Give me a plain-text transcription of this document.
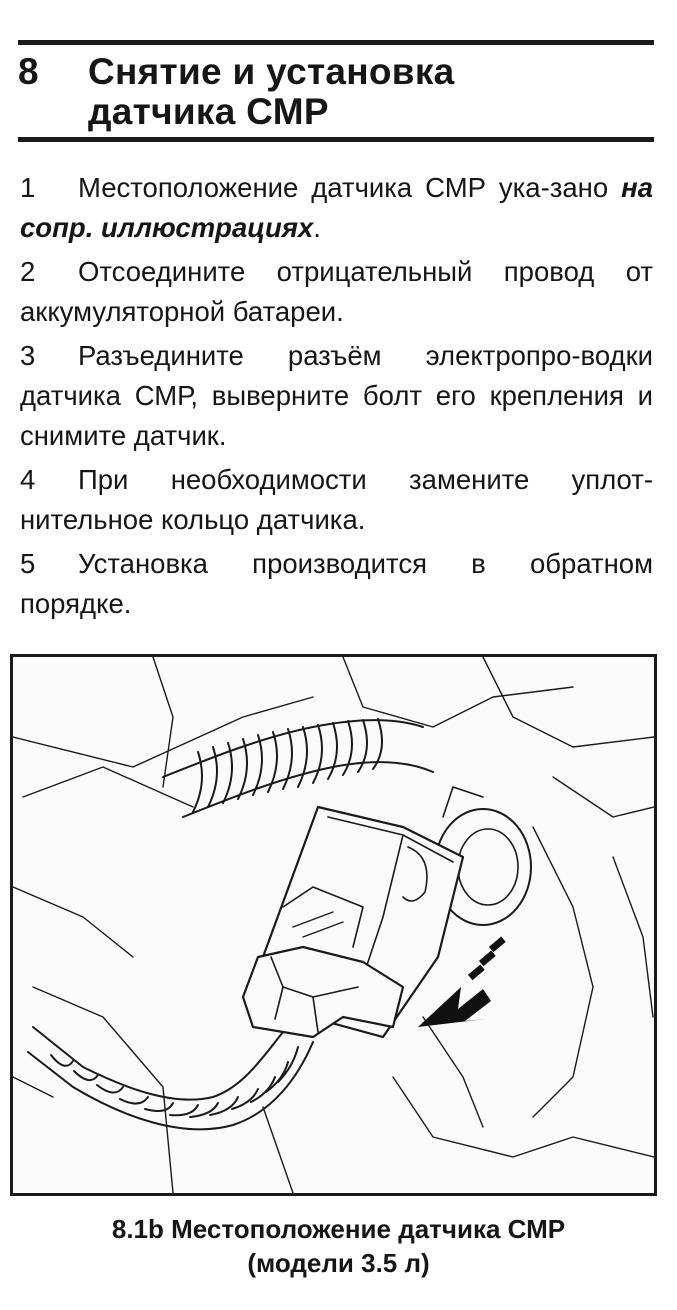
8 Снятие и установка
датчика СМР

1 Местоположение датчика СМР ука-зано на сопр. иллюстрациях.

2 Отсоедините отрицательный провод от аккумуляторной батареи.

3 Разъедините разъём электропро-водки датчика СМР, выверните болт его крепления и снимите датчик.

4 При необходимости замените уплот-нительное кольцо датчика.

5 Установка производится в обратном порядке.

8.1b Местоположение датчика СМР
(модели 3.5 л)
